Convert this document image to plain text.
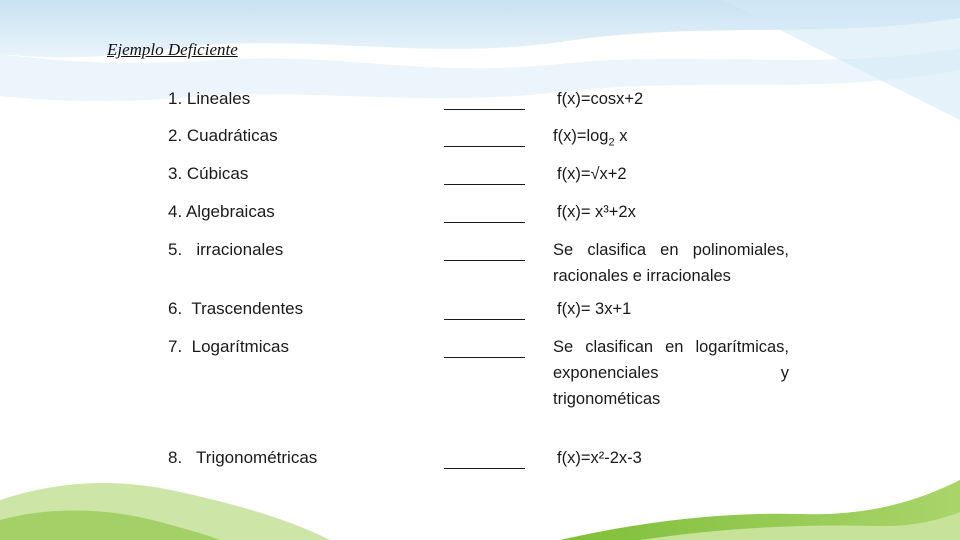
Ejemplo Deficiente
1. Lineales	f(x)=cosx+2
2. Cuadráticas	$f(x)=\log_2$ x
3. Cúbicas	f(x)=√x+2
4. Algebraicas	f(x)= x³+2x
5.   irracionales	Se clasifica en polinomiales, racionales e irracionales
6.  Trascendentes	f(x)= 3x+1
7.  Logarítmicas	Se clasifican en logarítmicas,
exponenciales y
trigonométicas
8.   Trigonométricas	f(x)=x²-2x-3
